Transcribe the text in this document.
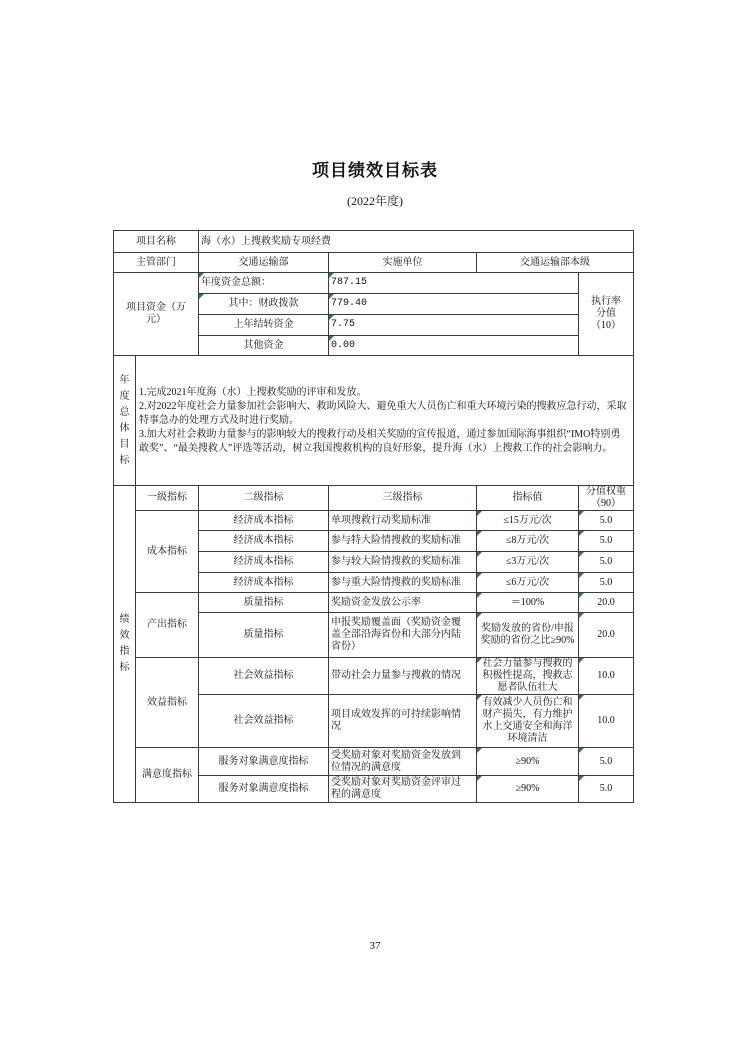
项目绩效目标表
(2022年度)
项目名称		海（水）上搜救奖励专项经费			
主管部门		交通运输部	实施单位	交通运输部本级	
项目资金（万元）		年度资金总额：	787.15		执行率
分值
（10）

		其中：财政拨款	779.40		
		上年结转资金	7.75		
		其他资金	0.00		
年度总体目标	1.完成2021年度海（水）上搜救奖励的评审和发放。
2.对2022年度社会力量参加社会影响大、救助风险大、避免重大人员伤亡和重大环境污染的搜救应急行动，采取特事急办的处理方式及时进行奖励。
3.加大对社会救助力量参与的影响较大的搜救行动及相关奖励的宣传报道，通过参加国际海事组织“IMO特别勇敢奖”、“最美搜救人”评选等活动，树立我国搜救机构的良好形象，提升海（水）上搜救工作的社会影响力。				

绩效指标	一级指标	二级指标	三级指标	指标值	分值权重
（90）

	成本指标	经济成本指标	单项搜救行动奖励标准	≤15万元/次	5.0
		经济成本指标	参与特大险情搜救的奖励标准	≤8万元/次	5.0
		经济成本指标	参与较大险情搜救的奖励标准	≤3万元/次	5.0
		经济成本指标	参与重大险情搜救的奖励标准	≤6万元/次	5.0
	产出指标	质量指标	奖励资金发放公示率	＝100%	20.0
		质量指标	申报奖励覆盖面（奖励资金覆盖全部沿海省份和大部分内陆省份）	奖励发放的省份/申报奖励的省份之比≥90%	20.0
	效益指标	社会效益指标	带动社会力量参与搜救的情况	社会力量参与搜救的积极性提高，搜救志愿者队伍壮大	10.0
		社会效益指标	项目成效发挥的可持续影响情况	有效减少人员伤亡和财产损失，有力维护水上交通安全和海洋环境清洁	10.0
	满意度指标	服务对象满意度指标	受奖励对象对奖励资金发放到位情况的满意度	≥90%	5.0
		服务对象满意度指标	受奖励对象对奖励资金评审过程的满意度	≥90%	5.0
37
